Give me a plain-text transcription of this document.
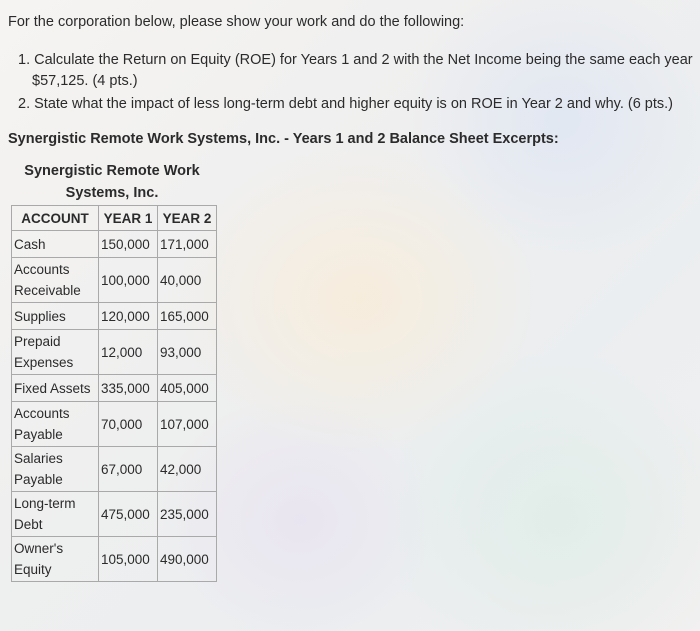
For the corporation below, please show your work and do the following:
1. Calculate the Return on Equity (ROE) for Years 1 and 2 with the Net Income being the same each year
$57,125. (4 pts.)
2. State what the impact of less long-term debt and higher equity is on ROE in Year 2 and why. (6 pts.)
Synergistic Remote Work Systems, Inc. - Years 1 and 2 Balance Sheet Excerpts:
Synergistic Remote Work
Systems, Inc.
ACCOUNT	YEAR 1	YEAR 2
Cash	150,000	171,000
Accounts Receivable	100,000	40,000
Supplies	120,000	165,000
Prepaid Expenses	12,000	93,000
Fixed Assets	335,000	405,000
Accounts Payable	70,000	107,000
Salaries Payable	67,000	42,000
Long-term Debt	475,000	235,000
Owner's Equity	105,000	490,000
